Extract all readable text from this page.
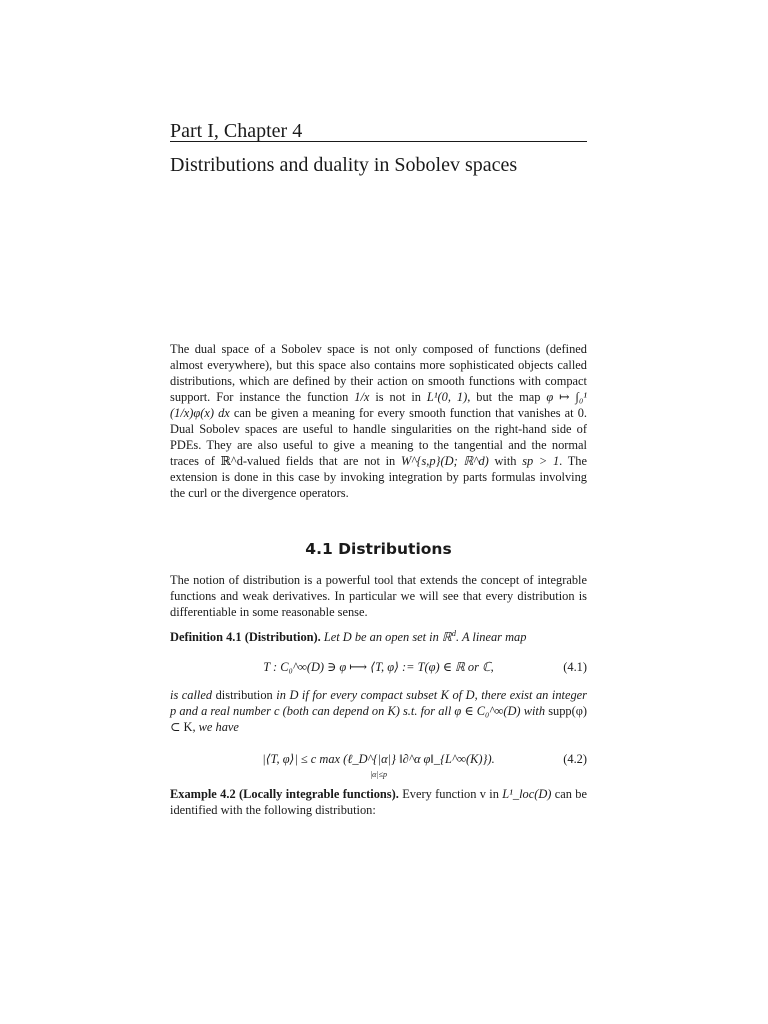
Part I, Chapter 4
Distributions and duality in Sobolev spaces
The dual space of a Sobolev space is not only composed of functions (defined almost everywhere), but this space also contains more sophisticated objects called distributions, which are defined by their action on smooth functions with compact support. For instance the function 1/x is not in L¹(0, 1), but the map φ ↦ ∫₀¹ (1/x)φ(x) dx can be given a meaning for every smooth function that vanishes at 0. Dual Sobolev spaces are useful to handle singularities on the right-hand side of PDEs. They are also useful to give a meaning to the tangential and the normal traces of ℝ^d-valued fields that are not in W^{s,p}(D; ℝ^d) with sp > 1. The extension is done in this case by invoking integration by parts formulas involving the curl or the divergence operators.
4.1 Distributions
The notion of distribution is a powerful tool that extends the concept of integrable functions and weak derivatives. In particular we will see that every distribution is differentiable in some reasonable sense.
Definition 4.1 (Distribution). Let D be an open set in ℝ$^d$. A linear map
T : C₀^∞(D) ∋ φ ⟼ ⟨T, φ⟩ := T(φ) ∈ ℝ or ℂ,	(4.1)
is called distribution in D if for every compact subset K of D, there exist an integer p and a real number c (both can depend on K) s.t. for all φ ∈ C₀^∞(D) with supp(φ) ⊂ K, we have
|⟨T, φ⟩| ≤ c max (ℓ_D^{|α|} ‖∂^α φ‖_{L^∞(K)}).
|α|≤p
(4.2)
Example 4.2 (Locally integrable functions). Every function v in L¹_loc(D) can be identified with the following distribution:
